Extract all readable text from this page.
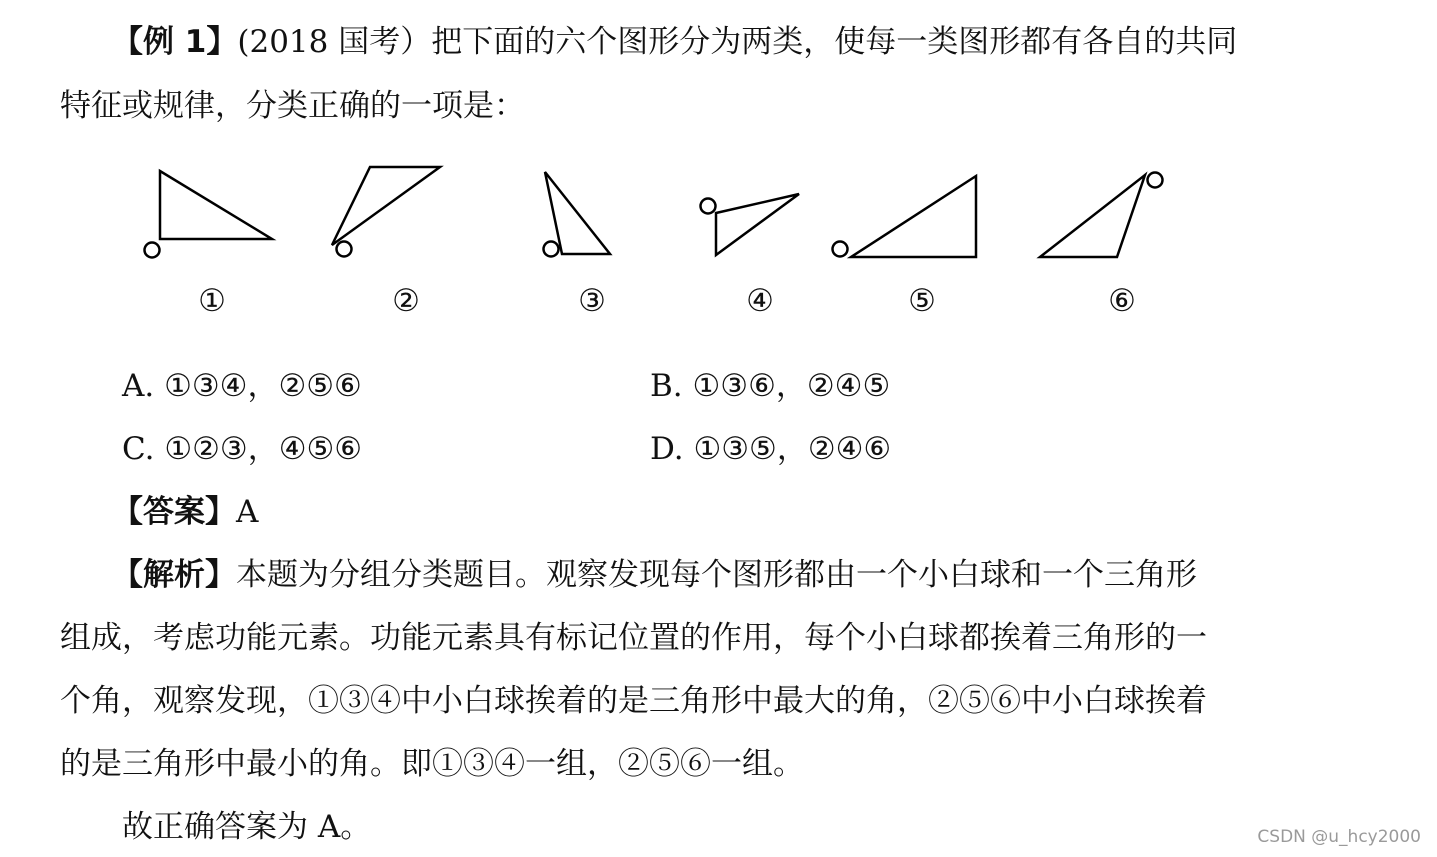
【例 1】(2018 国考）把下面的六个图形分为两类，使每一类图形都有各自的共同
特征或规律，分类正确的一项是：
①	②	③	④	⑤	⑥
A. ①③④，②⑤⑥	B. ①③⑥，②④⑤
C. ①②③，④⑤⑥	D. ①③⑤，②④⑥
【答案】A
【解析】本题为分组分类题目。观察发现每个图形都由一个小白球和一个三角形
组成，考虑功能元素。功能元素具有标记位置的作用，每个小白球都挨着三角形的一
个角，观察发现，①③④中小白球挨着的是三角形中最大的角，②⑤⑥中小白球挨着
的是三角形中最小的角。即①③④一组，②⑤⑥一组。
故正确答案为 A。	CSDN @u_hcy2000
